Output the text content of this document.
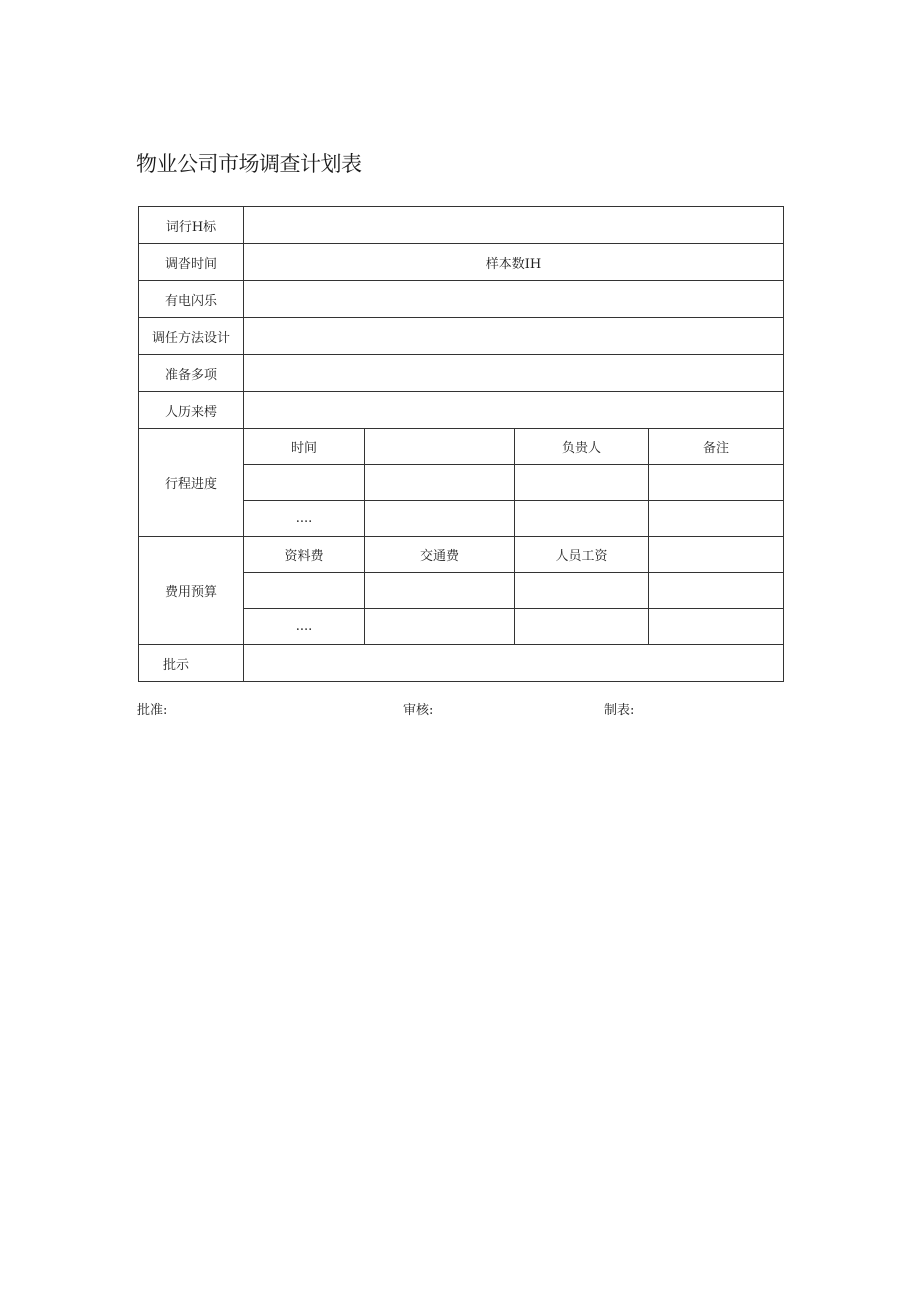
物业公司市场调查计划表
词行H标				
调沓时间	样本数IH			
有电闪乐				
调任方法设计				
准备多项				
人历来樗				
行程进度	时间		负贵人	备注

	....			
费用预算	资料费	交通费	人员工资	

	....			
批示				
批准:	审核:	制表:
